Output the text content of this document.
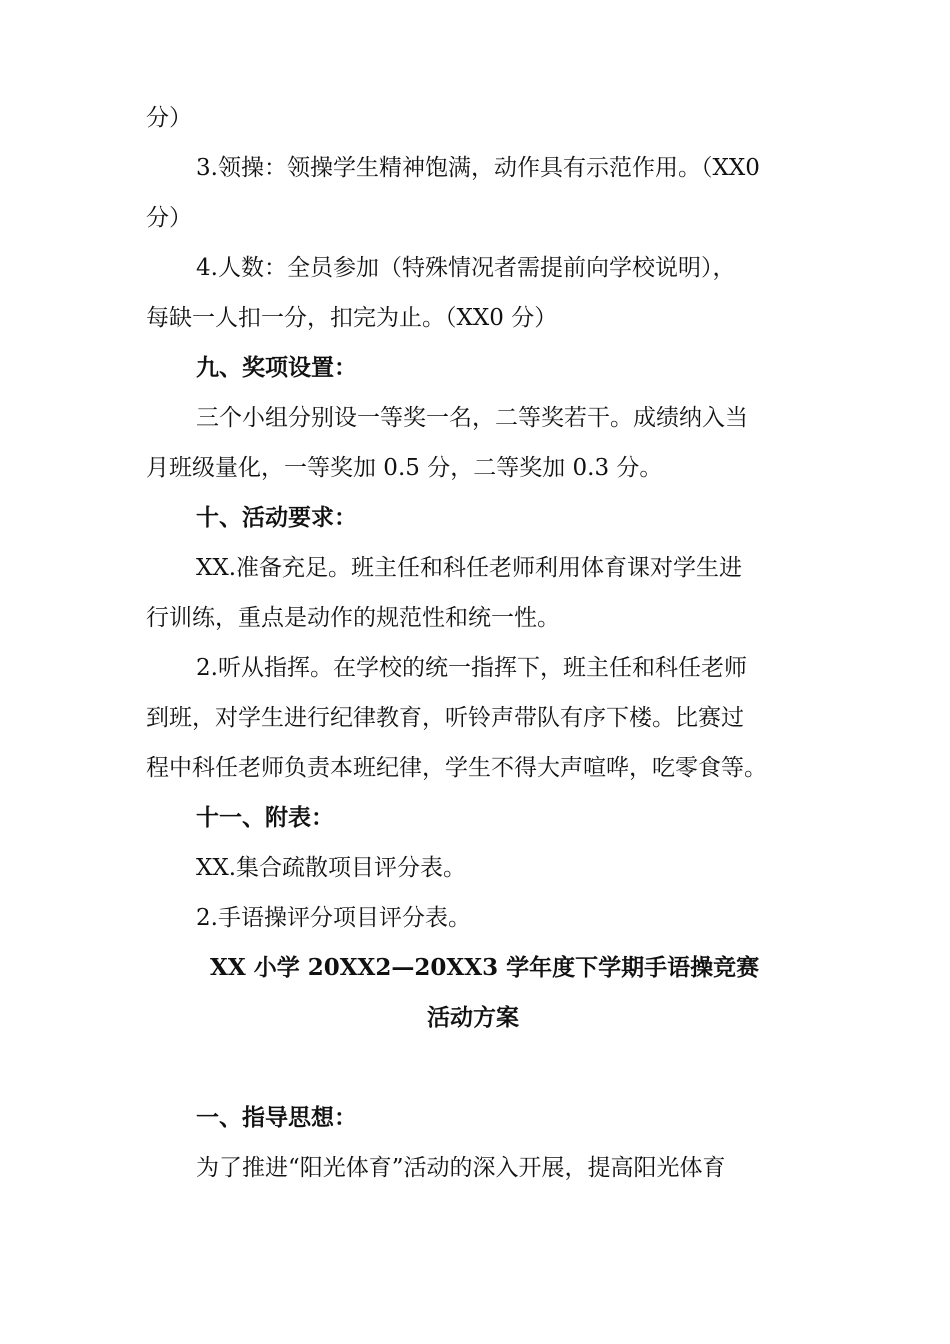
分）
3.领操：领操学生精神饱满，动作具有示范作用。（XX0
分）
4.人数：全员参加（特殊情况者需提前向学校说明），
每缺一人扣一分，扣完为止。（XX0 分）
九、奖项设置：
三个小组分别设一等奖一名，二等奖若干。成绩纳入当
月班级量化，一等奖加 0.5 分，二等奖加 0.3 分。
十、活动要求：
XX.准备充足。班主任和科任老师利用体育课对学生进
行训练，重点是动作的规范性和统一性。
2.听从指挥。在学校的统一指挥下，班主任和科任老师
到班，对学生进行纪律教育，听铃声带队有序下楼。比赛过
程中科任老师负责本班纪律，学生不得大声喧哗，吃零食等。
十一、附表：
XX.集合疏散项目评分表。
2.手语操评分项目评分表。
XX 小学 20XX2—20XX3 学年度下学期手语操竞赛
活动方案
一、指导思想：
为了推进“阳光体育”活动的深入开展，提高阳光体育
